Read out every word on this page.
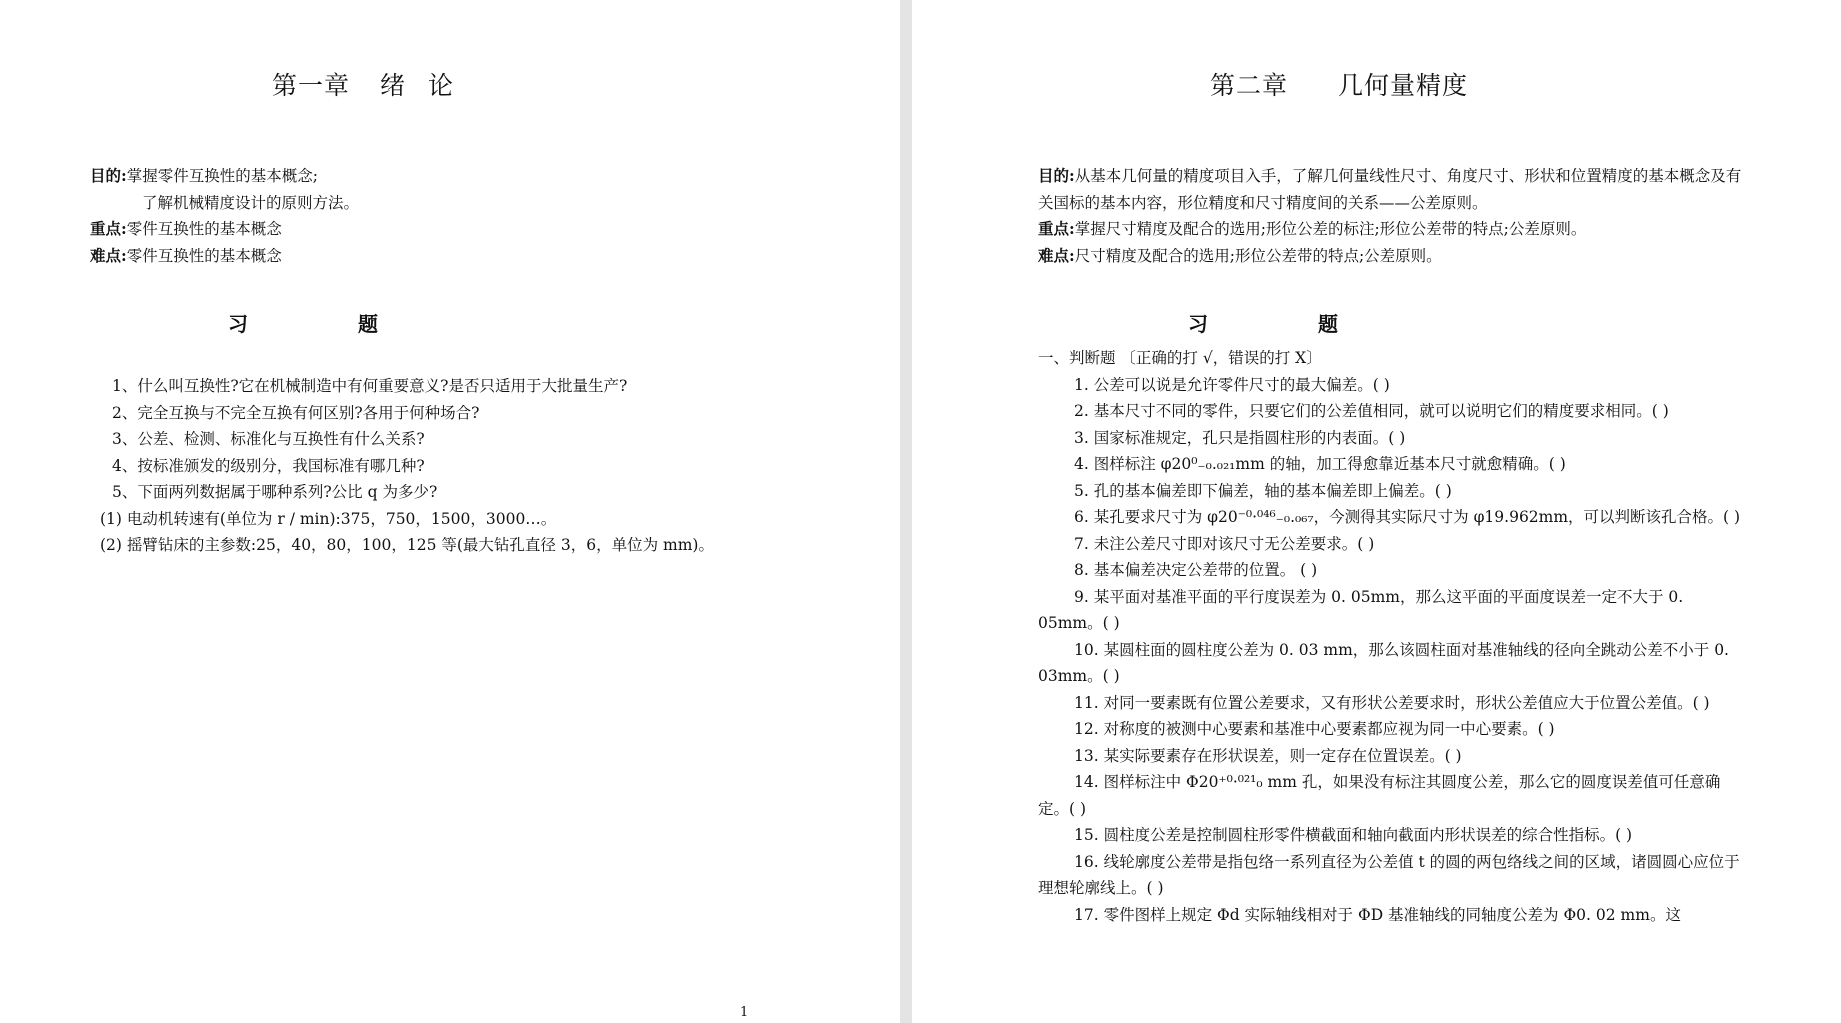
第一章 绪 论
目的:掌握零件互换性的基本概念;
了解机械精度设计的原则方法。
重点:零件互换性的基本概念
难点:零件互换性的基本概念
习	题
1、什么叫互换性?它在机械制造中有何重要意义?是否只适用于大批量生产?
2、完全互换与不完全互换有何区别?各用于何种场合?
3、公差、检测、标准化与互换性有什么关系?
4、按标准颁发的级别分，我国标准有哪几种?
5、下面两列数据属于哪种系列?公比 q 为多少?
(1) 电动机转速有(单位为 r / min):375，750，1500，3000…。
(2) 摇臂钻床的主参数:25，40，80，100，125 等(最大钻孔直径 3，6，单位为 mm)。
1
第二章 几何量精度
目的:从基本几何量的精度项目入手，了解几何量线性尺寸、角度尺寸、形状和位置精度的基本概念及有关国标的基本内容，形位精度和尺寸精度间的关系——公差原则。
重点:掌握尺寸精度及配合的选用;形位公差的标注;形位公差带的特点;公差原则。
难点:尺寸精度及配合的选用;形位公差带的特点;公差原则。
习	题
一、判断题 〔正确的打 √，错误的打 X〕
1. 公差可以说是允许零件尺寸的最大偏差。( )
2. 基本尺寸不同的零件，只要它们的公差值相同，就可以说明它们的精度要求相同。( )
3. 国家标准规定，孔只是指圆柱形的内表面。( )
4. 图样标注 φ20⁰₋₀.₀₂₁mm 的轴，加工得愈靠近基本尺寸就愈精确。( )
5. 孔的基本偏差即下偏差，轴的基本偏差即上偏差。( )
6. 某孔要求尺寸为 φ20⁻⁰·⁰⁴⁶₋₀.₀₆₇，今测得其实际尺寸为 φ19.962mm，可以判断该孔合格。( )
7. 未注公差尺寸即对该尺寸无公差要求。( )
8. 基本偏差决定公差带的位置。 ( )
9. 某平面对基准平面的平行度误差为 0. 05mm，那么这平面的平面度误差一定不大于 0. 05mm。( )
10. 某圆柱面的圆柱度公差为 0. 03 mm，那么该圆柱面对基准轴线的径向全跳动公差不小于 0. 03mm。( )
11. 对同一要素既有位置公差要求，又有形状公差要求时，形状公差值应大于位置公差值。( )
12. 对称度的被测中心要素和基准中心要素都应视为同一中心要素。( )
13. 某实际要素存在形状误差，则一定存在位置误差。( )
14. 图样标注中 Φ20⁺⁰·⁰²¹₀ mm 孔，如果没有标注其圆度公差，那么它的圆度误差值可任意确定。( )
15. 圆柱度公差是控制圆柱形零件横截面和轴向截面内形状误差的综合性指标。( )
16. 线轮廓度公差带是指包络一系列直径为公差值 t 的圆的两包络线之间的区域，诸圆圆心应位于理想轮廓线上。( )
17. 零件图样上规定 Φd 实际轴线相对于 ΦD 基准轴线的同轴度公差为 Φ0. 02 mm。这
